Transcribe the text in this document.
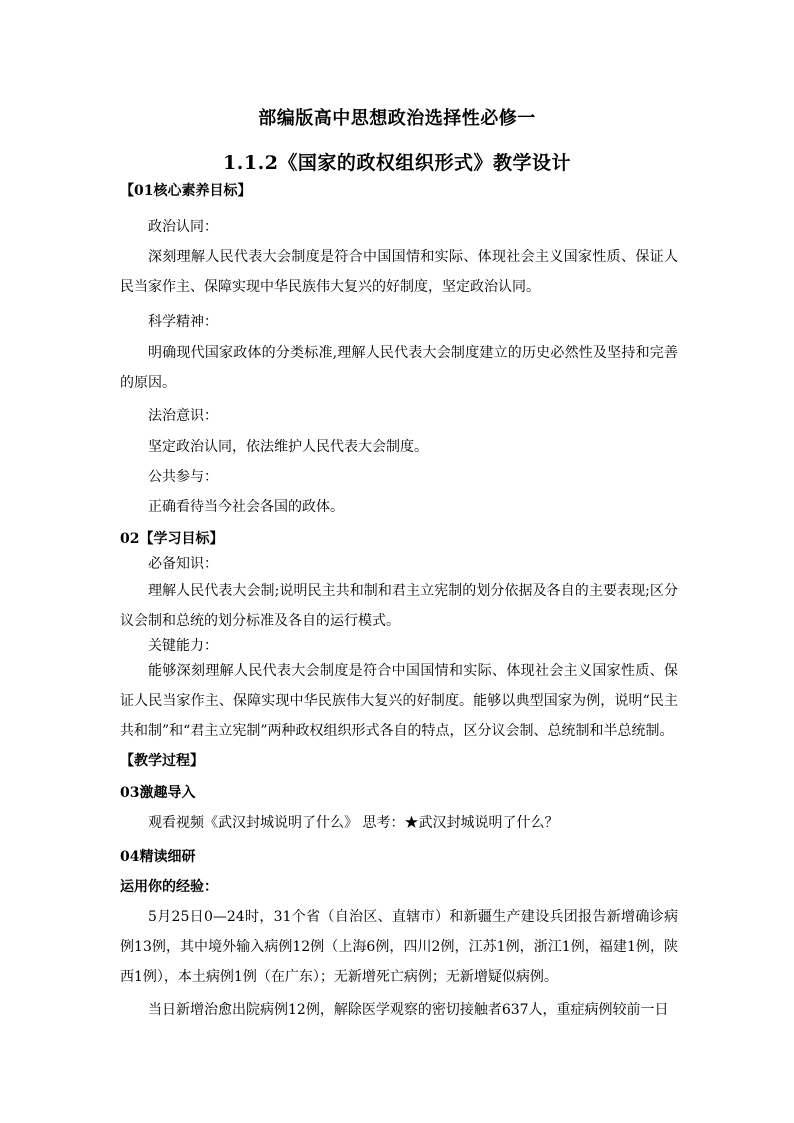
部编版高中思想政治选择性必修一
1.1.2《国家的政权组织形式》教学设计
【01核心素养目标】
政治认同：
深刻理解人民代表大会制度是符合中国国情和实际、体现社会主义国家性质、保证人民当家作主、保障实现中华民族伟大复兴的好制度，坚定政治认同。
科学精神：
明确现代国家政体的分类标准,理解人民代表大会制度建立的历史必然性及坚持和完善的原因。
法治意识：
坚定政治认同，依法维护人民代表大会制度。
公共参与：
正确看待当今社会各国的政体。
02【学习目标】
必备知识：
理解人民代表大会制;说明民主共和制和君主立宪制的划分依据及各自的主要表现;区分议会制和总统的划分标准及各自的运行模式。
关键能力：
能够深刻理解人民代表大会制度是符合中国国情和实际、体现社会主义国家性质、保证人民当家作主、保障实现中华民族伟大复兴的好制度。能够以典型国家为例，说明“民主共和制”和“君主立宪制”两种政权组织形式各自的特点，区分议会制、总统制和半总统制。
【教学过程】
03激趣导入
观看视频《武汉封城说明了什么》 思考：★武汉封城说明了什么？
04精读细研
运用你的经验：
5月25日0—24时，31个省（自治区、直辖市）和新疆生产建设兵团报告新增确诊病例13例，其中境外输入病例12例（上海6例，四川2例，江苏1例，浙江1例，福建1例，陕西1例），本土病例1例（在广东）；无新增死亡病例；无新增疑似病例。
当日新增治愈出院病例12例，解除医学观察的密切接触者637人，重症病例较前一日
